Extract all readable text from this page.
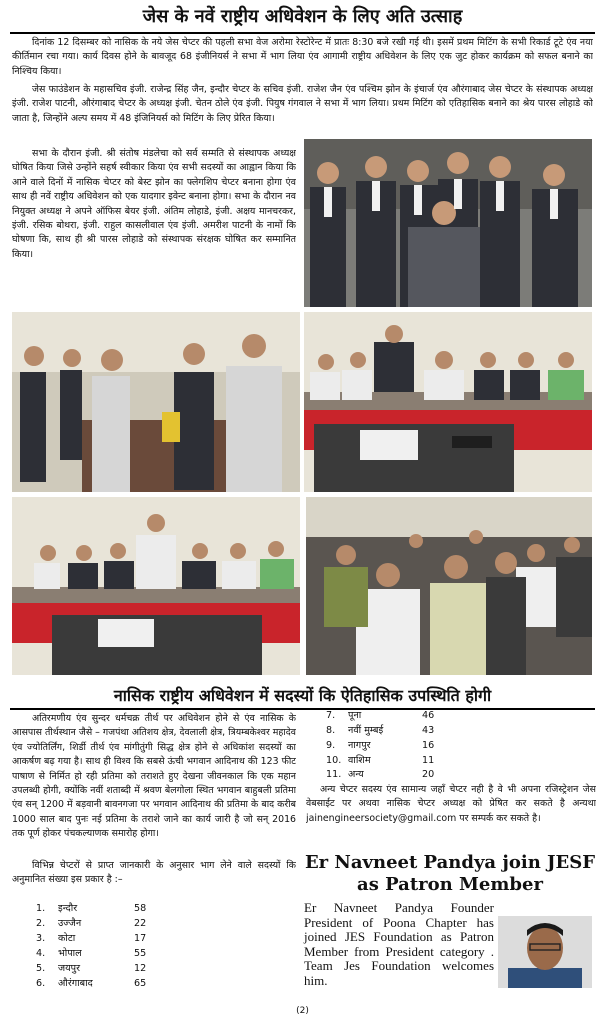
जेस के नवें राष्ट्रीय अधिवेशन के लिए अति उत्साह

दिनांक 12 दिसम्बर को नासिक के नये जेस चेप्टर की पहली सभा वेज अरोमा रेस्टोरेन्ट में प्रातः 8:30 बजे रखी गई थी। इसमें प्रथम मिटिंग के सभी रिकार्ड टूटे एंव नया कीर्तिमान रचा गया। कार्य दिवस होने के बावजूद 68 इंजीनियर्स ने सभा में भाग लिया एंव आगामी राष्ट्रीय अधिवेशन के लिए एक जुट होकर कार्यक्रम को सफल बनाने का निश्चिय किया।

जेस फाउंडेशन के महासचिव इंजी. राजेन्द्र सिंह जैन, इन्दौर चेप्टर के सचिव इंजी. राजेश जैन एंव पश्चिम झोन के इंचार्ज एंव औरंगाबाद जेस चेप्टर के संस्थापक अध्यक्ष इंजी. राजेश पाटनी, औरंगाबाद चेप्टर के अध्यक्ष इंजी. चेतन ठोले एंव इंजी. पियुष गंगवाल ने सभा में भाग लिया। प्रथम मिटिंग को एतिहासिक बनाने का श्रेय पारस लोहाडे को जाता है, जिन्होंने अल्प समय में 48 इंजिनियर्स को मिटिंग के लिए प्रेरित किया।

सभा के दौरान इंजी. श्री संतोष मंडलेचा को सर्व सम्मति से संस्थापक अध्यक्ष घोषित किया जिसे उन्होंने सहर्ष स्वीकार किया एंव सभी सदस्यों का आह्वान किया कि आने वाले दिनों में नासिक चेप्टर को बेस्ट झोन का फ्लेगशिप चेप्टर बनाना होगा एंव साथ ही नवें राष्ट्रीय अधिवेशन को एक यादगार इवेन्ट बनाना होगा। सभा के दौरान नव नियुक्त अध्यक्ष ने अपने ऑफिस बेयर इंजी. अंतिम लोहाडे, इंजी. अक्षय मानचरकर, इंजी. रसिक बोथरा, इंजी. राहुल कासलीवाल एंव इंजी. अमरीश पाटनी के नामों कि घोषणा कि, साथ ही श्री पारस लोहाडे को संस्थापक संरक्षक घोषित कर सम्मानित किया।

नासिक राष्ट्रीय अधिवेशन में सदस्यों कि ऐतिहासिक उपस्थिति होगी

अतिरमणीय एंव सुन्दर धर्मचक्र तीर्थ पर अधिवेशन होने से एंव नासिक के आसपास तीर्थस्थान जैसे – गजपंथा अतिशय क्षेत्र, देवलाली क्षेत्र, त्रियम्बकेश्वर महादेव एंव ज्योतिर्लिंग, शिर्डी तीर्थ एंव मांगीतुंगी सिद्ध क्षेत्र होने से अधिकांश सदस्यों का आकर्षण बढ़ गया है। साथ ही विश्व कि सबसे ऊंची भगवान आदिनाथ की 123 फीट पाषाण से निर्मित हो रही प्रतिमा को तराशते हुए देखना जीवनकाल कि एक महान उपलब्धी होगी, क्योंकि नवीं शताब्दी में श्रवण बेलगोला स्थित भगवान बाहुबली प्रतिमा एंव सन् 1200 में बड़वानी बावनगजा पर भगवान आदिनाथ की प्रतिमा के बाद करीब 1000 साल बाद पुनः नई प्रतिमा के तराशे जाने का कार्य जारी है जो सन् 2016 तक पूर्ण होकर पंचकल्याणक समारोह होगा।

विभिन्न चेप्टरों से प्राप्त जानकारी के अनुसार भाग लेने वाले सदस्यों कि अनुमानित संख्या इस प्रकार है :–

1. इन्दौर	58
2. उज्जैन	22
3. कोटा	17
4. भोपाल	55
5. जयपुर	12
6. औरंगाबाद	65
7. पूना	46
8. नवीं मुम्बई	43
9. नागपुर	16
10. वाशिम	11
11. अन्य	20

अन्य चेप्टर सदस्य एंव सामान्य जहाँ चेप्टर नही है वे भी अपना रजिस्ट्रेशन जेस वेबसाईट पर अथवा नासिक चेप्टर अध्यक्ष को प्रेषित कर सकते है अन्यथा jainengineersociety@gmail.com पर सम्पर्क कर सकते है।

Er Navneet Pandya join JESF
as Patron Member

Er Navneet Pandya Founder President of Poona Chapter has joined JES Foundation as Patron Member from President category . Team Jes Foundation welcomes him.

(2)
